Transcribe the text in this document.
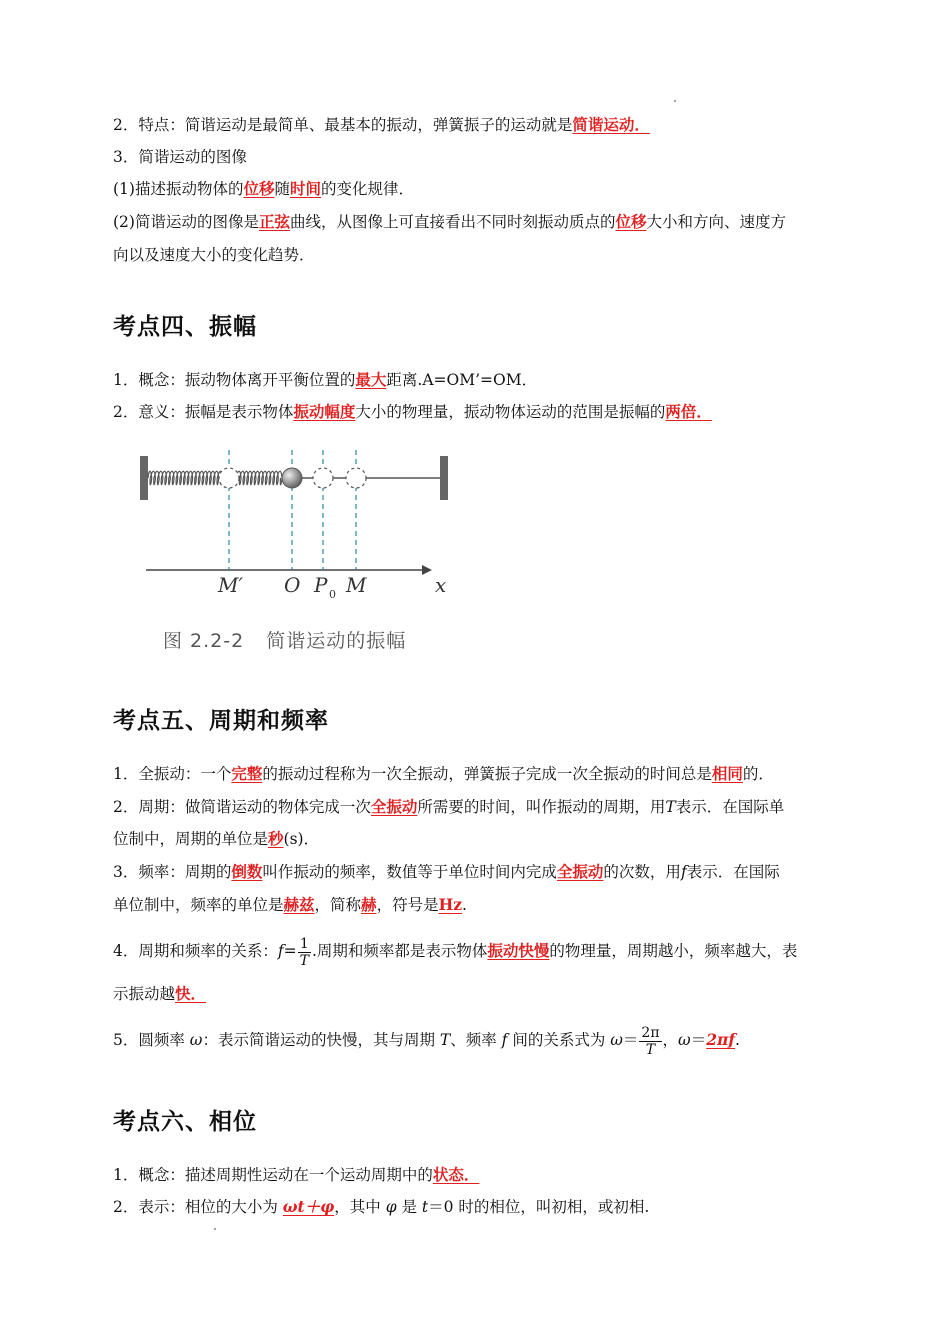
2．特点：简谐运动是最简单、最基本的振动，弹簧振子的运动就是简谐运动．
3．简谐运动的图像
(1)描述振动物体的位移随时间的变化规律．
(2)简谐运动的图像是正弦曲线，从图像上可直接看出不同时刻振动质点的位移大小和方向、速度方
向以及速度大小的变化趋势．
考点四、振幅
1．概念：振动物体离开平衡位置的最大距离.A=OM’=OM．
2．意义：振幅是表示物体振动幅度大小的物理量，振动物体运动的范围是振幅的两倍．
M′ O P 0 M	x
图 2.2-2 简谐运动的振幅
考点五、周期和频率
1．全振动：一个完整的振动过程称为一次全振动，弹簧振子完成一次全振动的时间总是相同的．
2．周期：做简谐运动的物体完成一次全振动所需要的时间，叫作振动的周期，用T表示．在国际单
位制中，周期的单位是秒(s)．
3．频率：周期的倒数叫作振动的频率，数值等于单位时间内完成全振动的次数，用f表示．在国际
单位制中，频率的单位是赫兹，简称赫，符号是Hz.
4．周期和频率的关系：$f= \frac{1}{T}$ .周期和频率都是表示物体振动快慢的物理量，周期越小，频率越大，表
示振动越快．
5．圆频率 ω：表示简谐运动的快慢，其与周期 T、频率 f 间的关系式为 $\omega= \frac{2\pi}{T}$ ，ω＝2πf.
考点六、相位
1．概念：描述周期性运动在一个运动周期中的状态．
2．表示：相位的大小为 ωt＋φ，其中 φ 是 t＝0 时的相位，叫初相，或初相.
